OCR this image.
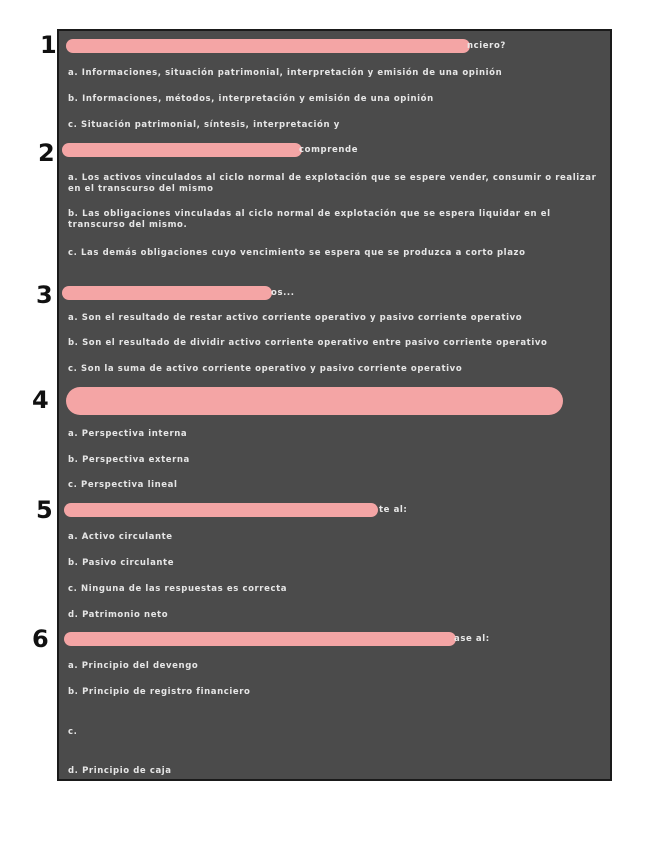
1	nciero?
a. Informaciones, situación patrimonial, interpretación y emisión de una opinión
b. Informaciones, métodos, interpretación y emisión de una opinión
c. Situación patrimonial, síntesis, interpretación y
2	comprende
a. Los activos vinculados al ciclo normal de explotación que se espere vender, consumir o realizar en el transcurso del mismo
b. Las obligaciones vinculadas al ciclo normal de explotación que se espera liquidar en el transcurso del mismo.
c. Las demás obligaciones cuyo vencimiento se espera que se produzca a corto plazo
3	os...
a. Son el resultado de restar activo corriente operativo y pasivo corriente operativo
b. Son el resultado de dividir activo corriente operativo entre pasivo corriente operativo
c. Son la suma de activo corriente operativo y pasivo corriente operativo
4
a. Perspectiva interna
b. Perspectiva externa
c. Perspectiva lineal
5	te al:
a. Activo circulante
b. Pasivo circulante
c. Ninguna de las respuestas es correcta
d. Patrimonio neto
6	ase al:
a. Principio del devengo
b. Principio de registro financiero
c.
d. Principio de caja
